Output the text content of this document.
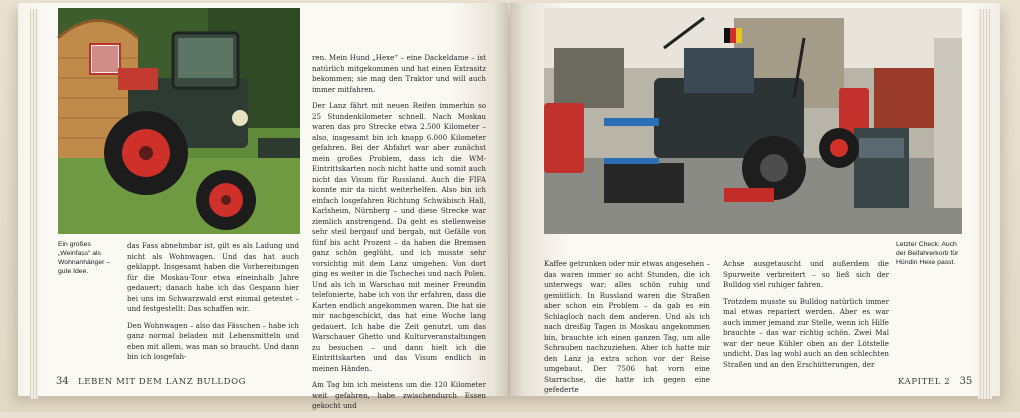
Ein großes „Weinfass“ als Wohnanhänger – gute Idee.

das Fass abnehmbar ist, gilt es als Ladung und nicht als Wohnwagen. Und das hat auch geklappt. Insgesamt haben die Vorbereitungen für die Moskau-Tour etwa eineinhalb Jahre gedauert; danach habe ich das Gespann hier bei uns im Schwarzwald erst einmal getestet – und festgestellt: Das schaffen wir.

Den Wohnwagen – also das Fässchen – habe ich ganz normal beladen mit Lebensmitteln und eben mit allem, was man so braucht. Und dann bin ich losgefah-

ren. Mein Hund „Hexe“ – eine Dackeldame – ist natürlich mitgekommen und hat einen Extrasitz bekommen; sie mag den Traktor und will auch immer mitfahren.

Der Lanz fährt mit neuen Reifen immerhin so 25 Stundenkilometer schnell. Nach Moskau waren das pro Strecke etwa 2.500 Kilometer – also, insgesamt bin ich knapp 6.000 Kilometer gefahren. Bei der Abfahrt war aber zunächst mein großes Problem, dass ich die WM-Eintrittskarten noch nicht hatte und somit auch nicht das Visum für Russland. Auch die FIFA konnte mir da nicht weiterhelfen. Also bin ich einfach losgefahren Richtung Schwäbisch Hall, Karlsheim, Nürnberg – und diese Strecke war ziemlich anstrengend. Da geht es stellenweise sehr steil bergauf und bergab, mit Gefälle von fünf bis acht Prozent – da haben die Bremsen ganz schön geglüht, und ich musste sehr vorsichtig mit dem Lanz umgehen. Von dort ging es weiter in die Tschechei und nach Polen. Und als ich in Warschau mit meiner Freundin telefonierte, habe ich von ihr erfahren, dass die Karten endlich angekommen waren. Die hat sie mir nachgeschickt, das hat eine Woche lang gedauert. Ich habe die Zeit genutzt, um das Warschauer Ghetto und Kulturveranstaltungen zu besuchen – und dann hielt ich die Eintrittskarten und das Visum endlich in meinen Händen.

Am Tag bin ich meistens um die 120 Kilometer weit gefahren, habe zwischendurch Essen gekocht und

34 LEBEN MIT DEM LANZ BULLDOG
Letzter Check: Auch der Beifahrerkorb für Hündin Hexe passt.

Kaffee getrunken oder mir etwas angesehen – das waren immer so acht Stunden, die ich unterwegs war; alles schön ruhig und gemütlich. In Russland waren die Straßen aber schon ein Problem – da gab es ein Schlagloch nach dem anderen. Und als ich nach dreißig Tagen in Moskau angekommen bin, brauchte ich einen ganzen Tag, um alle Schrauben nachzuziehen. Aber ich hatte mir den Lanz ja extra schon vor der Reise umgebaut. Der 7506 hat vorn eine Starrachse, die hatte ich gegen eine gefederte

Achse ausgetauscht und außerdem die Spurweite verbreitert – so ließ sich der Bulldog viel ruhiger fahren.

Trotzdem musste su Bulldog natürlich immer mal etwas repariert werden. Aber es war auch immer jemand zur Stelle, wenn ich Hilfe brauchte – das war richtig schön. Zwei Mal war der neue Kühler oben an der Lötstelle undicht. Das lag wohl auch an den schlechten Straßen und an den Erschütterungen, der

KAPITEL 2 35
